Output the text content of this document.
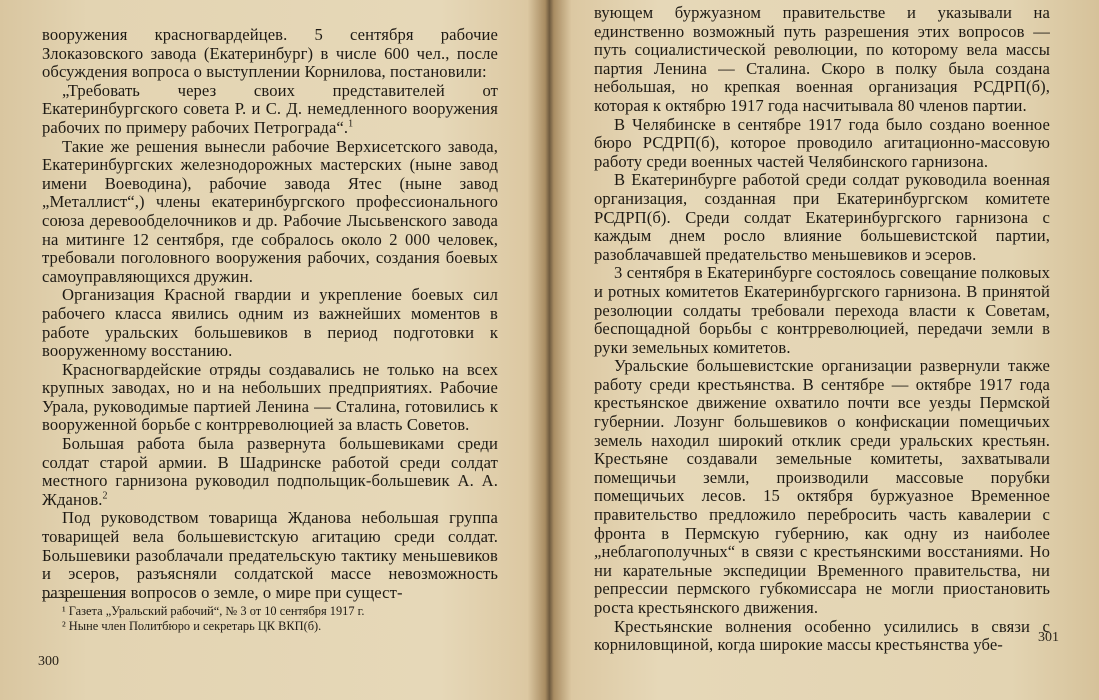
вооружения красногвардейцев. 5 сентября рабочие Злоказовского завода (Екатеринбург) в числе 600 чел., после обсуждения вопроса о выступлении Корнилова, постановили:

„Требовать через своих представителей от Екатеринбургского совета Р. и С. Д. немедленного вооружения рабочих по примеру рабочих Петрограда“.$^1$

Такие же решения вынесли рабочие Верхисетского завода, Екатеринбургских железнодорожных мастерских (ныне завод имени Воеводина), рабочие завода Ятес (ныне завод „Металлист“,) члены екатеринбургского профессионального союза деревообделочников и др. Рабочие Лысьвенского завода на митинге 12 сентября, где собралось около 2 000 человек, требовали поголовного вооружения рабочих, создания боевых самоуправляющихся дружин.

Организация Красной гвардии и укрепление боевых сил рабочего класса явились одним из важнейших моментов в работе уральских большевиков в период подготовки к вооруженному восстанию.

Красногвардейские отряды создавались не только на всех крупных заводах, но и на небольших предприятиях. Рабочие Урала, руководимые партией Ленина — Сталина, готовились к вооруженной борьбе с контрреволюцией за власть Советов.

Большая работа была развернута большевиками среди солдат старой армии. В Шадринске работой среди солдат местного гарнизона руководил подпольщик-большевик А. А. Жданов.$^2$

Под руководством товарища Жданова небольшая группа товарищей вела большевистскую агитацию среди солдат. Большевики разоблачали предательскую тактику меньшевиков и эсеров, разъясняли солдатской массе невозможность разрешения вопросов о земле, о мире при сущест-

¹ Газета „Уральский рабочий“, № 3 от 10 сентября 1917 г.
² Ныне член Политбюро и секретарь ЦК ВКП(б).
300

вующем буржуазном правительстве и указывали на единственно возможный путь разрешения этих вопросов — путь социалистической революции, по которому вела массы партия Ленина — Сталина. Скоро в полку была создана небольшая, но крепкая военная организация РСДРП(б), которая к октябрю 1917 года насчитывала 80 членов партии.

В Челябинске в сентябре 1917 года было создано военное бюро РСДРП(б), которое проводило агитационно-массовую работу среди военных частей Челябинского гарнизона.

В Екатеринбурге работой среди солдат руководила военная организация, созданная при Екатеринбургском комитете РСДРП(б). Среди солдат Екатеринбургского гарнизона с каждым днем росло влияние большевистской партии, разоблачавшей предательство меньшевиков и эсеров.

3 сентября в Екатеринбурге состоялось совещание полковых и ротных комитетов Екатеринбургского гарнизона. В принятой резолюции солдаты требовали перехода власти к Советам, беспощадной борьбы с контрреволюцией, передачи земли в руки земельных комитетов.

Уральские большевистские организации развернули также работу среди крестьянства. В сентябре — октябре 1917 года крестьянское движение охватило почти все уезды Пермской губернии. Лозунг большевиков о конфискации помещичьих земель находил широкий отклик среди уральских крестьян. Крестьяне создавали земельные комитеты, захватывали помещичьи земли, производили массовые порубки помещичьих лесов. 15 октября буржуазное Временное правительство предложило перебросить часть кавалерии с фронта в Пермскую губернию, как одну из наиболее „неблагополучных“ в связи с крестьянскими восстаниями. Но ни карательные экспедиции Временного правительства, ни репрессии пермского губкомиссара не могли приостановить роста крестьянского движения.

Крестьянские волнения особенно усилились в связи с корниловщиной, когда широкие массы крестьянства убе-	301
